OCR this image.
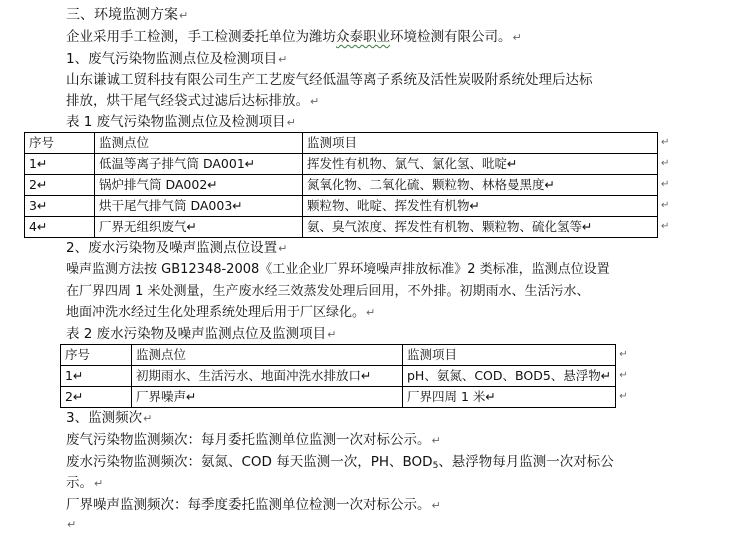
三、环境监测方案↵
企业采用手工检测，手工检测委托单位为潍坊众泰职业环境检测有限公司。↵
1、废气污染物监测点位及检测项目↵
山东谦诚工贸科技有限公司生产工艺废气经低温等离子系统及活性炭吸附系统处理后达标
排放，烘干尾气经袋式过滤后达标排放。↵
表 1 废气污染物监测点位及检测项目↵
序号	监测点位	监测项目	↵
1↵	低温等离子排气筒 DA001↵	挥发性有机物、氯气、氯化氢、吡啶↵	↵
2↵	锅炉排气筒 DA002↵	氮氧化物、二氧化硫、颗粒物、林格曼黑度↵	↵
3↵	烘干尾气排气筒 DA003↵	颗粒物、吡啶、挥发性有机物↵	↵
4↵	厂界无组织废气↵	氨、臭气浓度、挥发性有机物、颗粒物、硫化氢等↵	↵
2、废水污染物及噪声监测点位设置↵
噪声监测方法按 GB12348-2008《工业企业厂界环境噪声排放标准》2 类标准，监测点位设置
在厂界四周 1 米处测量，生产废水经三效蒸发处理后回用，不外排。初期雨水、生活污水、
地面冲洗水经过生化处理系统处理后用于厂区绿化。↵
表 2 废水污染物及噪声监测点位及监测项目↵
序号	监测点位	监测项目	↵
1↵	初期雨水、生活污水、地面冲洗水排放口↵	pH、氨氮、COD、BOD5、悬浮物↵	↵
2↵	厂界噪声↵	厂界四周 1 米↵	↵
3、监测频次↵
废气污染物监测频次：每月委托监测单位监测一次对标公示。↵
废水污染物监测频次：氨氮、COD 每天监测一次，PH、$BOD_5$、悬浮物每月监测一次对标公
示。↵
厂界噪声监测频次：每季度委托监测单位检测一次对标公示。↵
↵
